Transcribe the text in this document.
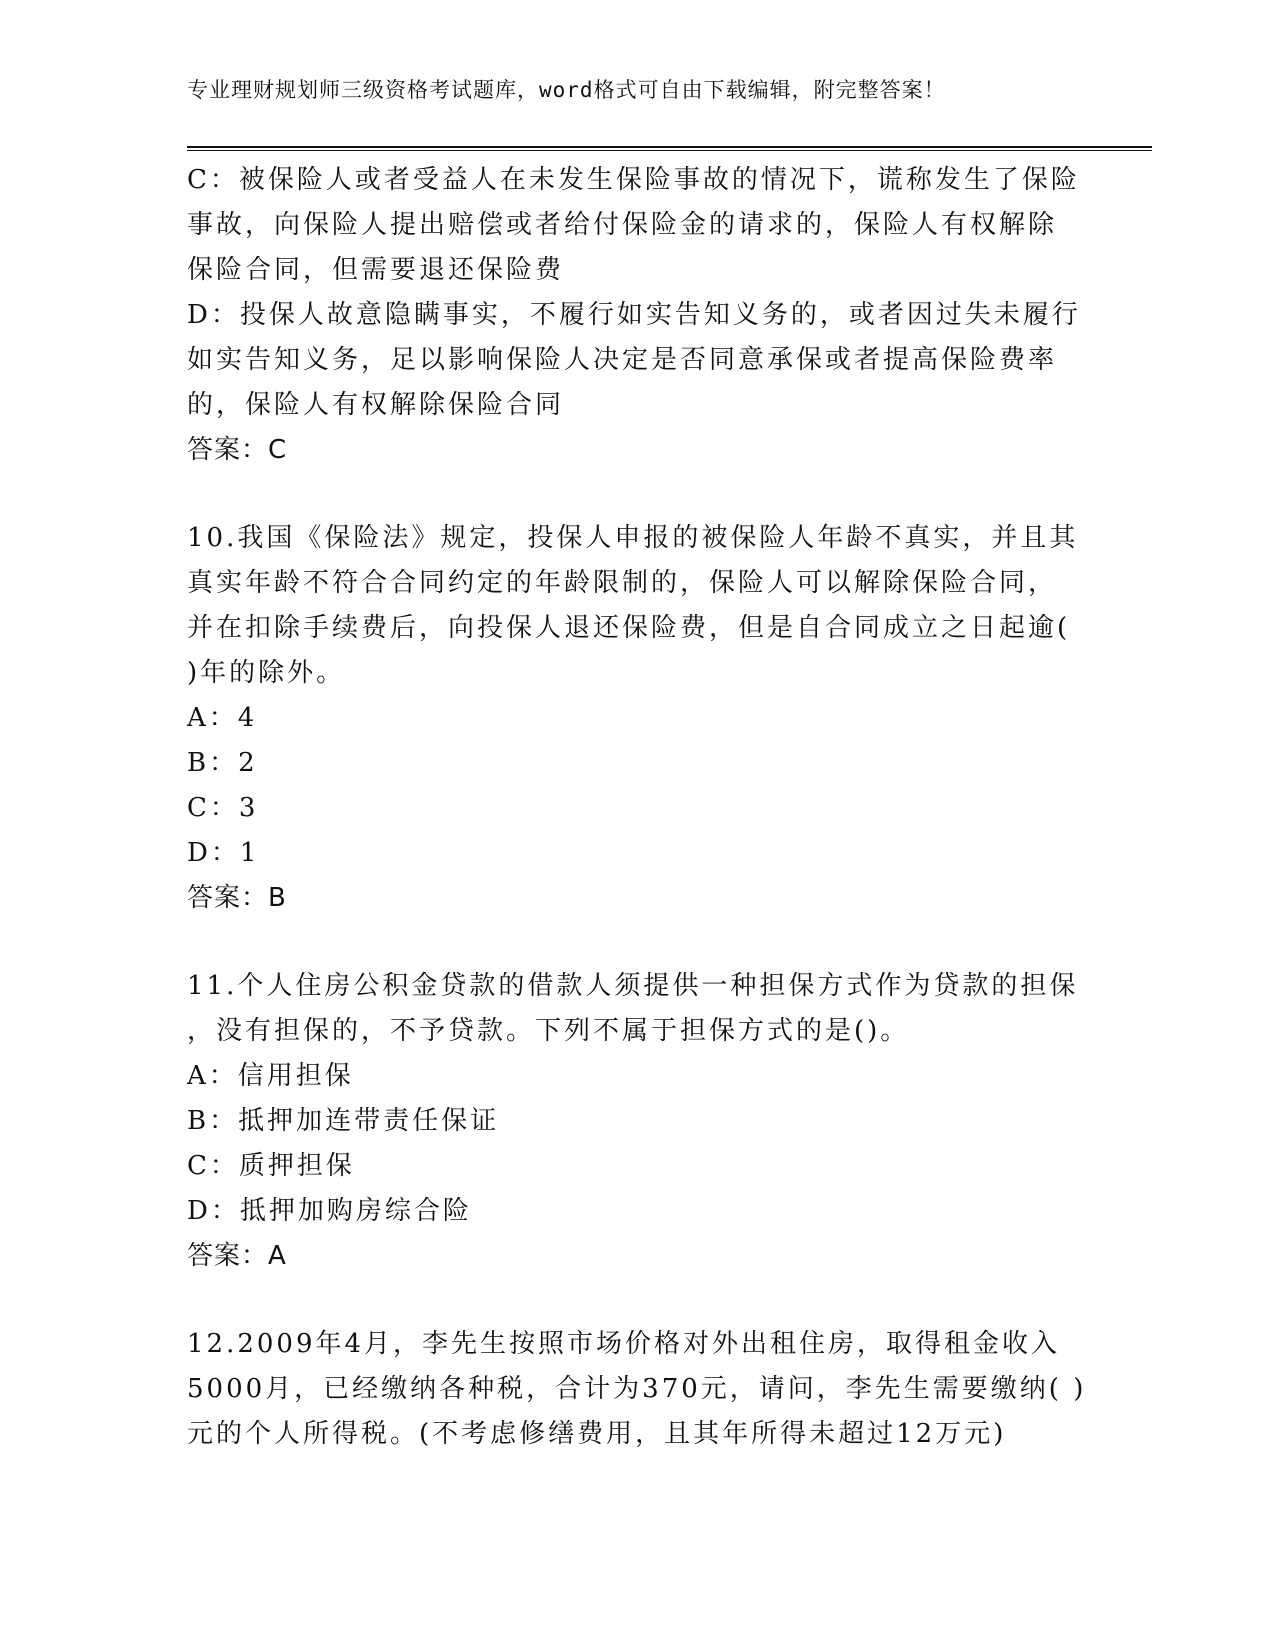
专业理财规划师三级资格考试题库，word格式可自由下载编辑，附完整答案！
C：被保险人或者受益人在未发生保险事故的情况下，谎称发生了保险
事故，向保险人提出赔偿或者给付保险金的请求的，保险人有权解除
保险合同，但需要退还保险费
D：投保人故意隐瞒事实，不履行如实告知义务的，或者因过失未履行
如实告知义务，足以影响保险人决定是否同意承保或者提高保险费率
的，保险人有权解除保险合同
答案：C
10.我国《保险法》规定，投保人申报的被保险人年龄不真实，并且其
真实年龄不符合合同约定的年龄限制的，保险人可以解除保险合同，
并在扣除手续费后，向投保人退还保险费，但是自合同成立之日起逾(
)年的除外。
A：4
B：2
C：3
D：1
答案：B
11.个人住房公积金贷款的借款人须提供一种担保方式作为贷款的担保
，没有担保的，不予贷款。下列不属于担保方式的是()。
A：信用担保
B：抵押加连带责任保证
C：质押担保
D：抵押加购房综合险
答案：A
12.2009年4月，李先生按照市场价格对外出租住房，取得租金收入
5000月，已经缴纳各种税，合计为370元，请问，李先生需要缴纳( )
元的个人所得税。(不考虑修缮费用，且其年所得未超过12万元)
